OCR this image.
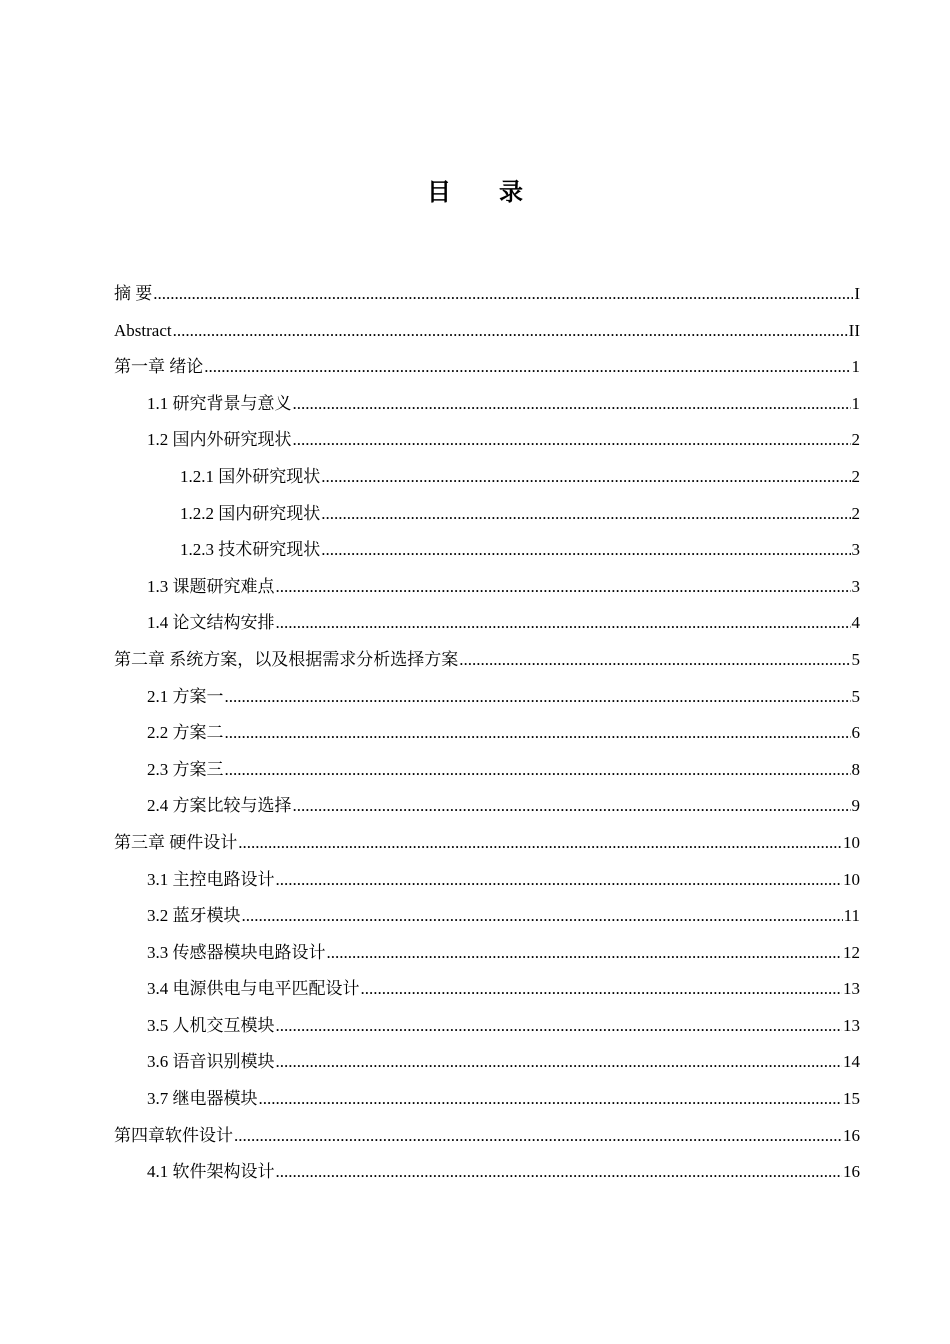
目 录
摘 要 .....	I
Abstract .....	II
第一章 绪论 .....	1
1.1 研究背景与意义 .....	1
1.2 国内外研究现状 .....	2
1.2.1 国外研究现状 .....	2
1.2.2 国内研究现状 .....	2
1.2.3 技术研究现状 .....	3
1.3 课题研究难点 .....	3
1.4 论文结构安排 .....	4
第二章 系统方案，以及根据需求分析选择方案 .....	5
2.1 方案一 .....	5
2.2 方案二 .....	6
2.3 方案三 .....	8
2.4 方案比较与选择 .....	9
第三章 硬件设计 .....	10
3.1 主控电路设计 .....	10
3.2 蓝牙模块 .....	11
3.3 传感器模块电路设计 .....	12
3.4 电源供电与电平匹配设计 .....	13
3.5 人机交互模块 .....	13
3.6 语音识别模块 .....	14
3.7 继电器模块 .....	15
第四章软件设计 .....	16
4.1 软件架构设计 .....	16
